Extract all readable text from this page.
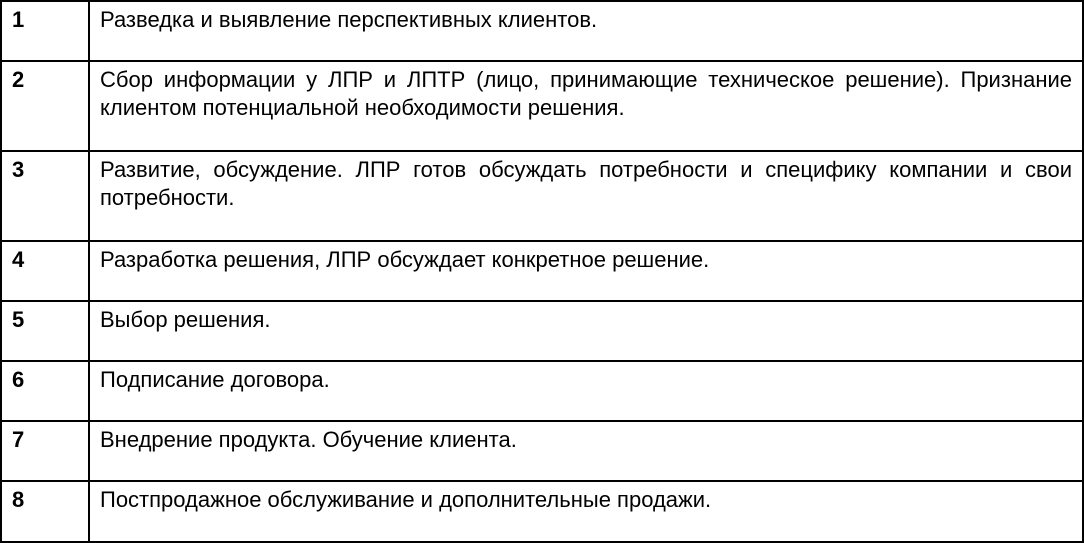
1	Разведка и выявление перспективных клиентов.
2	Сбор информации у ЛПР и ЛПТР (лицо, принимающие техническое решение). Признание клиентом потенциальной необходимости решения.
3	Развитие, обсуждение. ЛПР готов обсуждать потребности и специфику компании и свои потребности.
4	Разработка решения, ЛПР обсуждает конкретное решение.
5	Выбор решения.
6	Подписание договора.
7	Внедрение продукта. Обучение клиента.
8	Постпродажное обслуживание и дополнительные продажи.
